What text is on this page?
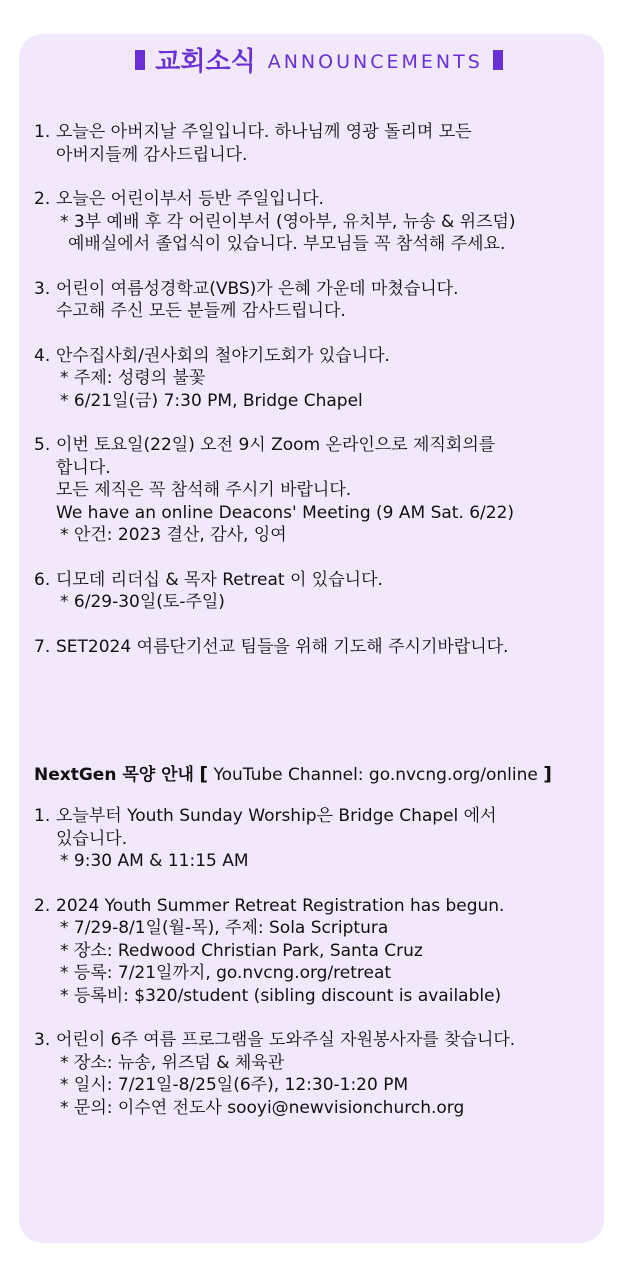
교회소식 ANNOUNCEMENTS
1. 오늘은 아버지날 주일입니다. 하나님께 영광 돌리며 모든
아버지들께 감사드립니다.
2. 오늘은 어린이부서 등반 주일입니다.
* 3부 예배 후 각 어린이부서 (영아부, 유치부, 뉴송 & 위즈덤)
예배실에서 졸업식이 있습니다. 부모님들 꼭 참석해 주세요.
3. 어린이 여름성경학교(VBS)가 은혜 가운데 마쳤습니다.
수고해 주신 모든 분들께 감사드립니다.
4. 안수집사회/권사회의 철야기도회가 있습니다.
* 주제: 성령의 불꽃
* 6/21일(금) 7:30 PM, Bridge Chapel
5. 이번 토요일(22일) 오전 9시 Zoom 온라인으로 제직회의를
합니다.
모든 제직은 꼭 참석해 주시기 바랍니다.
We have an online Deacons' Meeting (9 AM Sat. 6/22)
* 안건: 2023 결산, 감사, 잉여
6. 디모데 리더십 & 목자 Retreat 이 있습니다.
* 6/29-30일(토-주일)
7. SET2024 여름단기선교 팀들을 위해 기도해 주시기바랍니다.
NextGen 목양 안내 [ YouTube Channel: go.nvcng.org/online ]
1. 오늘부터 Youth Sunday Worship은 Bridge Chapel 에서
있습니다.
* 9:30 AM & 11:15 AM
2. 2024 Youth Summer Retreat Registration has begun.
* 7/29-8/1일(월-목), 주제: Sola Scriptura
* 장소: Redwood Christian Park, Santa Cruz
* 등록: 7/21일까지, go.nvcng.org/retreat
* 등록비: $320/student (sibling discount is available)
3. 어린이 6주 여름 프로그램을 도와주실 자원봉사자를 찾습니다.
* 장소: 뉴송, 위즈덤 & 체육관
* 일시: 7/21일-8/25일(6주), 12:30-1:20 PM
* 문의: 이수연 전도사 sooyi@newvisionchurch.org
